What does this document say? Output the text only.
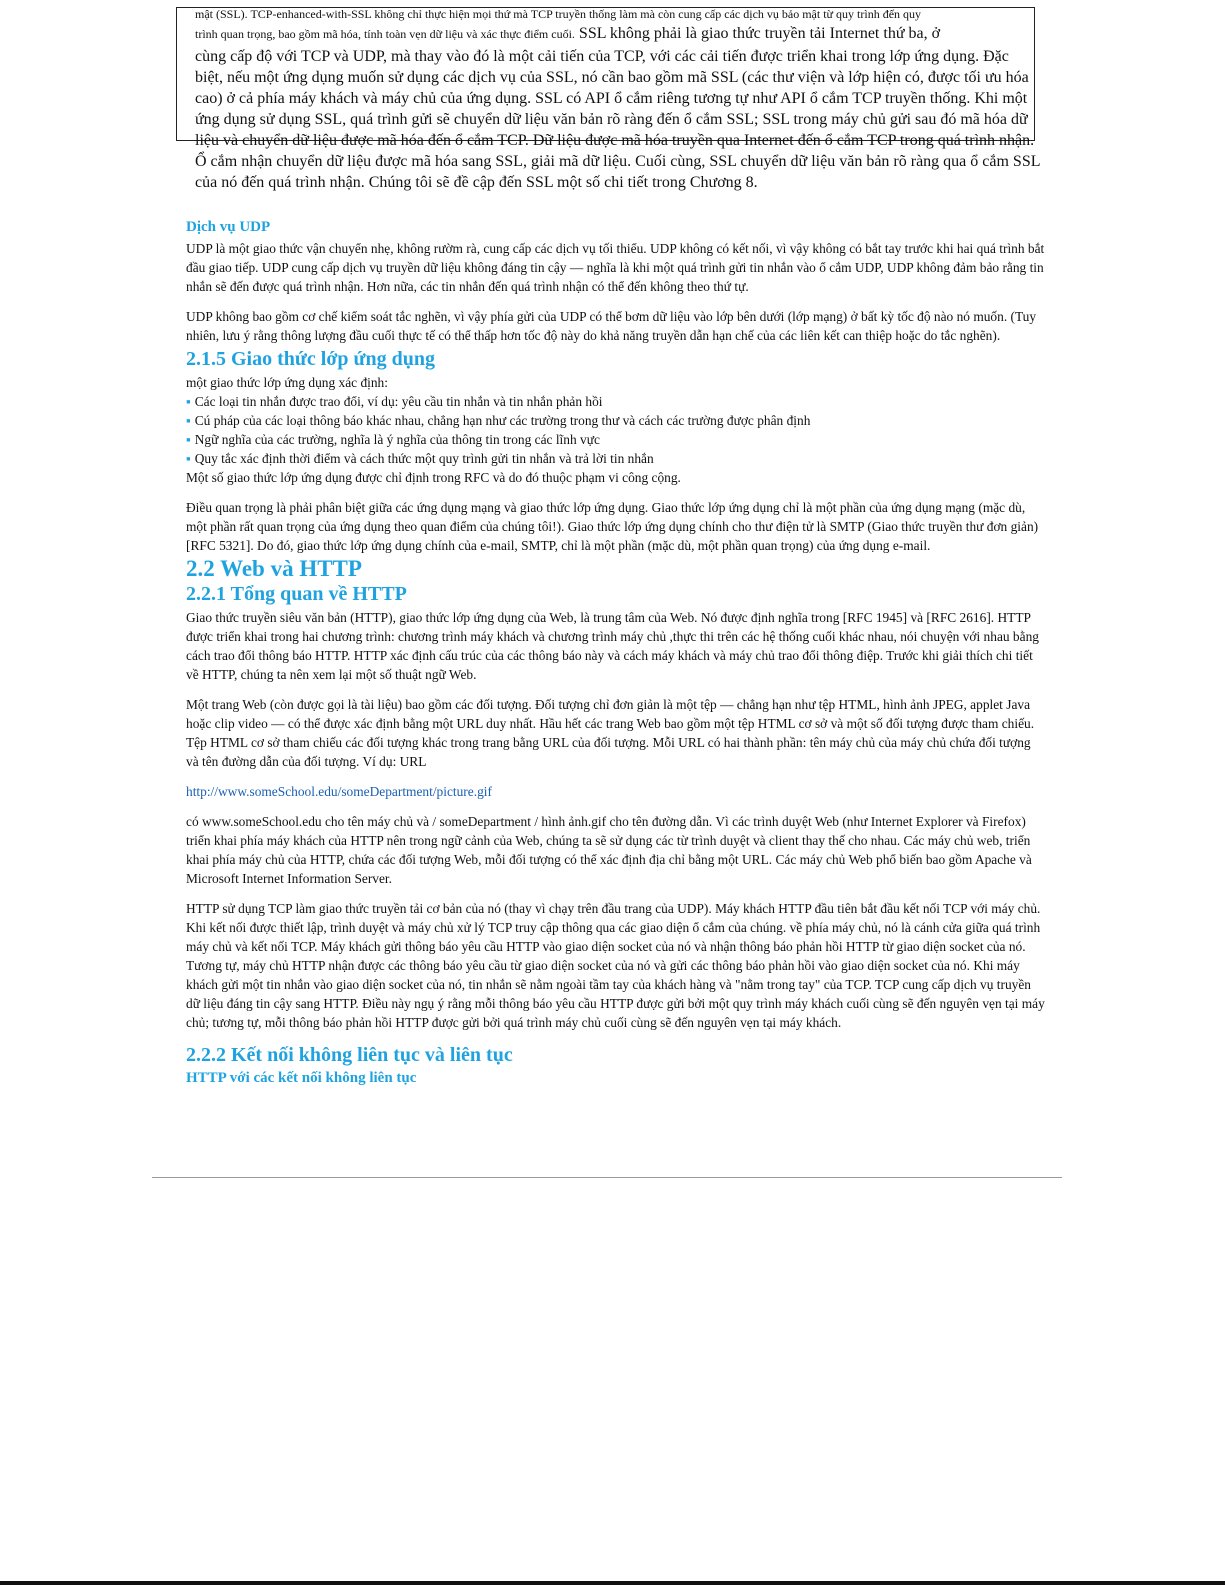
mật (SSL). TCP-enhanced-with-SSL không chỉ thực hiện mọi thứ mà TCP truyền thống làm mà còn cung cấp các dịch vụ bảo mật từ quy trình đến quy

trình quan trọng, bao gồm mã hóa, tính toàn vẹn dữ liệu và xác thực điểm cuối. SSL không phải là giao thức truyền tải Internet thứ ba, ở

cùng cấp độ với TCP và UDP, mà thay vào đó là một cải tiến của TCP, với các cải tiến được triển khai trong lớp ứng dụng. Đặc biệt, nếu một ứng dụng muốn sử dụng các dịch vụ của SSL, nó cần bao gồm mã SSL (các thư viện và lớp hiện có, được tối ưu hóa cao) ở cả phía máy khách và máy chủ của ứng dụng. SSL có API ổ cắm riêng tương tự như API ổ cắm TCP truyền thống. Khi một ứng dụng sử dụng SSL, quá trình gửi sẽ chuyển dữ liệu văn bản rõ ràng đến ổ cắm SSL; SSL trong máy chủ gửi sau đó mã hóa dữ liệu và chuyển dữ liệu được mã hóa đến ổ cắm TCP. Dữ liệu được mã hóa truyền qua Internet đến ổ cắm TCP trong quá trình nhận. Ổ cắm nhận chuyển dữ liệu được mã hóa sang SSL, giải mã dữ liệu. Cuối cùng, SSL chuyển dữ liệu văn bản rõ ràng qua ổ cắm SSL của nó đến quá trình nhận. Chúng tôi sẽ đề cập đến SSL một số chi tiết trong Chương 8.

Dịch vụ UDP

UDP là một giao thức vận chuyển nhẹ, không rườm rà, cung cấp các dịch vụ tối thiểu. UDP không có kết nối, vì vậy không có bắt tay trước khi hai quá trình bắt đầu giao tiếp. UDP cung cấp dịch vụ truyền dữ liệu không đáng tin cậy — nghĩa là khi một quá trình gửi tin nhắn vào ổ cắm UDP, UDP không đảm bảo rằng tin nhắn sẽ đến được quá trình nhận. Hơn nữa, các tin nhắn đến quá trình nhận có thể đến không theo thứ tự.

UDP không bao gồm cơ chế kiểm soát tắc nghẽn, vì vậy phía gửi của UDP có thể bơm dữ liệu vào lớp bên dưới (lớp mạng) ở bất kỳ tốc độ nào nó muốn. (Tuy nhiên, lưu ý rằng thông lượng đầu cuối thực tế có thể thấp hơn tốc độ này do khả năng truyền dẫn hạn chế của các liên kết can thiệp hoặc do tắc nghẽn).

2.1.5 Giao thức lớp ứng dụng

một giao thức lớp ứng dụng xác định:

▪ Các loại tin nhắn được trao đổi, ví dụ: yêu cầu tin nhắn và tin nhắn phản hồi
▪ Cú pháp của các loại thông báo khác nhau, chẳng hạn như các trường trong thư và cách các trường được phân định
▪ Ngữ nghĩa của các trường, nghĩa là ý nghĩa của thông tin trong các lĩnh vực
▪ Quy tắc xác định thời điểm và cách thức một quy trình gửi tin nhắn và trả lời tin nhắn

Một số giao thức lớp ứng dụng được chỉ định trong RFC và do đó thuộc phạm vi công cộng.

Điều quan trọng là phải phân biệt giữa các ứng dụng mạng và giao thức lớp ứng dụng. Giao thức lớp ứng dụng chỉ là một phần của ứng dụng mạng (mặc dù, một phần rất quan trọng của ứng dụng theo quan điểm của chúng tôi!). Giao thức lớp ứng dụng chính cho thư điện tử là SMTP (Giao thức truyền thư đơn giản) [RFC 5321]. Do đó, giao thức lớp ứng dụng chính của e-mail, SMTP, chỉ là một phần (mặc dù, một phần quan trọng) của ứng dụng e-mail.

2.2 Web và HTTP
2.2.1 Tổng quan về HTTP

Giao thức truyền siêu văn bản (HTTP), giao thức lớp ứng dụng của Web, là trung tâm của Web. Nó được định nghĩa trong [RFC 1945] và [RFC 2616]. HTTP được triển khai trong hai chương trình: chương trình máy khách và chương trình máy chủ ,thực thi trên các hệ thống cuối khác nhau, nói chuyện với nhau bằng cách trao đổi thông báo HTTP. HTTP xác định cấu trúc của các thông báo này và cách máy khách và máy chủ trao đổi thông điệp. Trước khi giải thích chi tiết về HTTP, chúng ta nên xem lại một số thuật ngữ Web.

Một trang Web (còn được gọi là tài liệu) bao gồm các đối tượng. Đối tượng chỉ đơn giản là một tệp — chẳng hạn như tệp HTML, hình ảnh JPEG, applet Java hoặc clip video — có thể được xác định bằng một URL duy nhất. Hầu hết các trang Web bao gồm một tệp HTML cơ sở và một số đối tượng được tham chiếu. Tệp HTML cơ sở tham chiếu các đối tượng khác trong trang bằng URL của đối tượng. Mỗi URL có hai thành phần: tên máy chủ của máy chủ chứa đối tượng và tên đường dẫn của đối tượng. Ví dụ: URL

http://www.someSchool.edu/someDepartment/picture.gif

có www.someSchool.edu cho tên máy chủ và / someDepartment / hình ảnh.gif cho tên đường dẫn. Vì các trình duyệt Web (như Internet Explorer và Firefox) triển khai phía máy khách của HTTP nên trong ngữ cảnh của Web, chúng ta sẽ sử dụng các từ trình duyệt và client thay thế cho nhau. Các máy chủ web, triển khai phía máy chủ của HTTP, chứa các đối tượng Web, mỗi đối tượng có thể xác định địa chỉ bằng một URL. Các máy chủ Web phổ biến bao gồm Apache và Microsoft Internet Information Server.

HTTP sử dụng TCP làm giao thức truyền tải cơ bản của nó (thay vì chạy trên đầu trang của UDP). Máy khách HTTP đầu tiên bắt đầu kết nối TCP với máy chủ. Khi kết nối được thiết lập, trình duyệt và máy chủ xử lý TCP truy cập thông qua các giao diện ổ cắm của chúng. về phía máy chủ, nó là cánh cửa giữa quá trình máy chủ và kết nối TCP. Máy khách gửi thông báo yêu cầu HTTP vào giao diện socket của nó và nhận thông báo phản hồi HTTP từ giao diện socket của nó. Tương tự, máy chủ HTTP nhận được các thông báo yêu cầu từ giao diện socket của nó và gửi các thông báo phản hồi vào giao diện socket của nó. Khi máy khách gửi một tin nhắn vào giao diện socket của nó, tin nhắn sẽ nằm ngoài tầm tay của khách hàng và "nằm trong tay" của TCP. TCP cung cấp dịch vụ truyền dữ liệu đáng tin cậy sang HTTP. Điều này ngụ ý rằng mỗi thông báo yêu cầu HTTP được gửi bởi một quy trình máy khách cuối cùng sẽ đến nguyên vẹn tại máy chủ; tương tự, mỗi thông báo phản hồi HTTP được gửi bởi quá trình máy chủ cuối cùng sẽ đến nguyên vẹn tại máy khách.

2.2.2 Kết nối không liên tục và liên tục
HTTP với các kết nối không liên tục
